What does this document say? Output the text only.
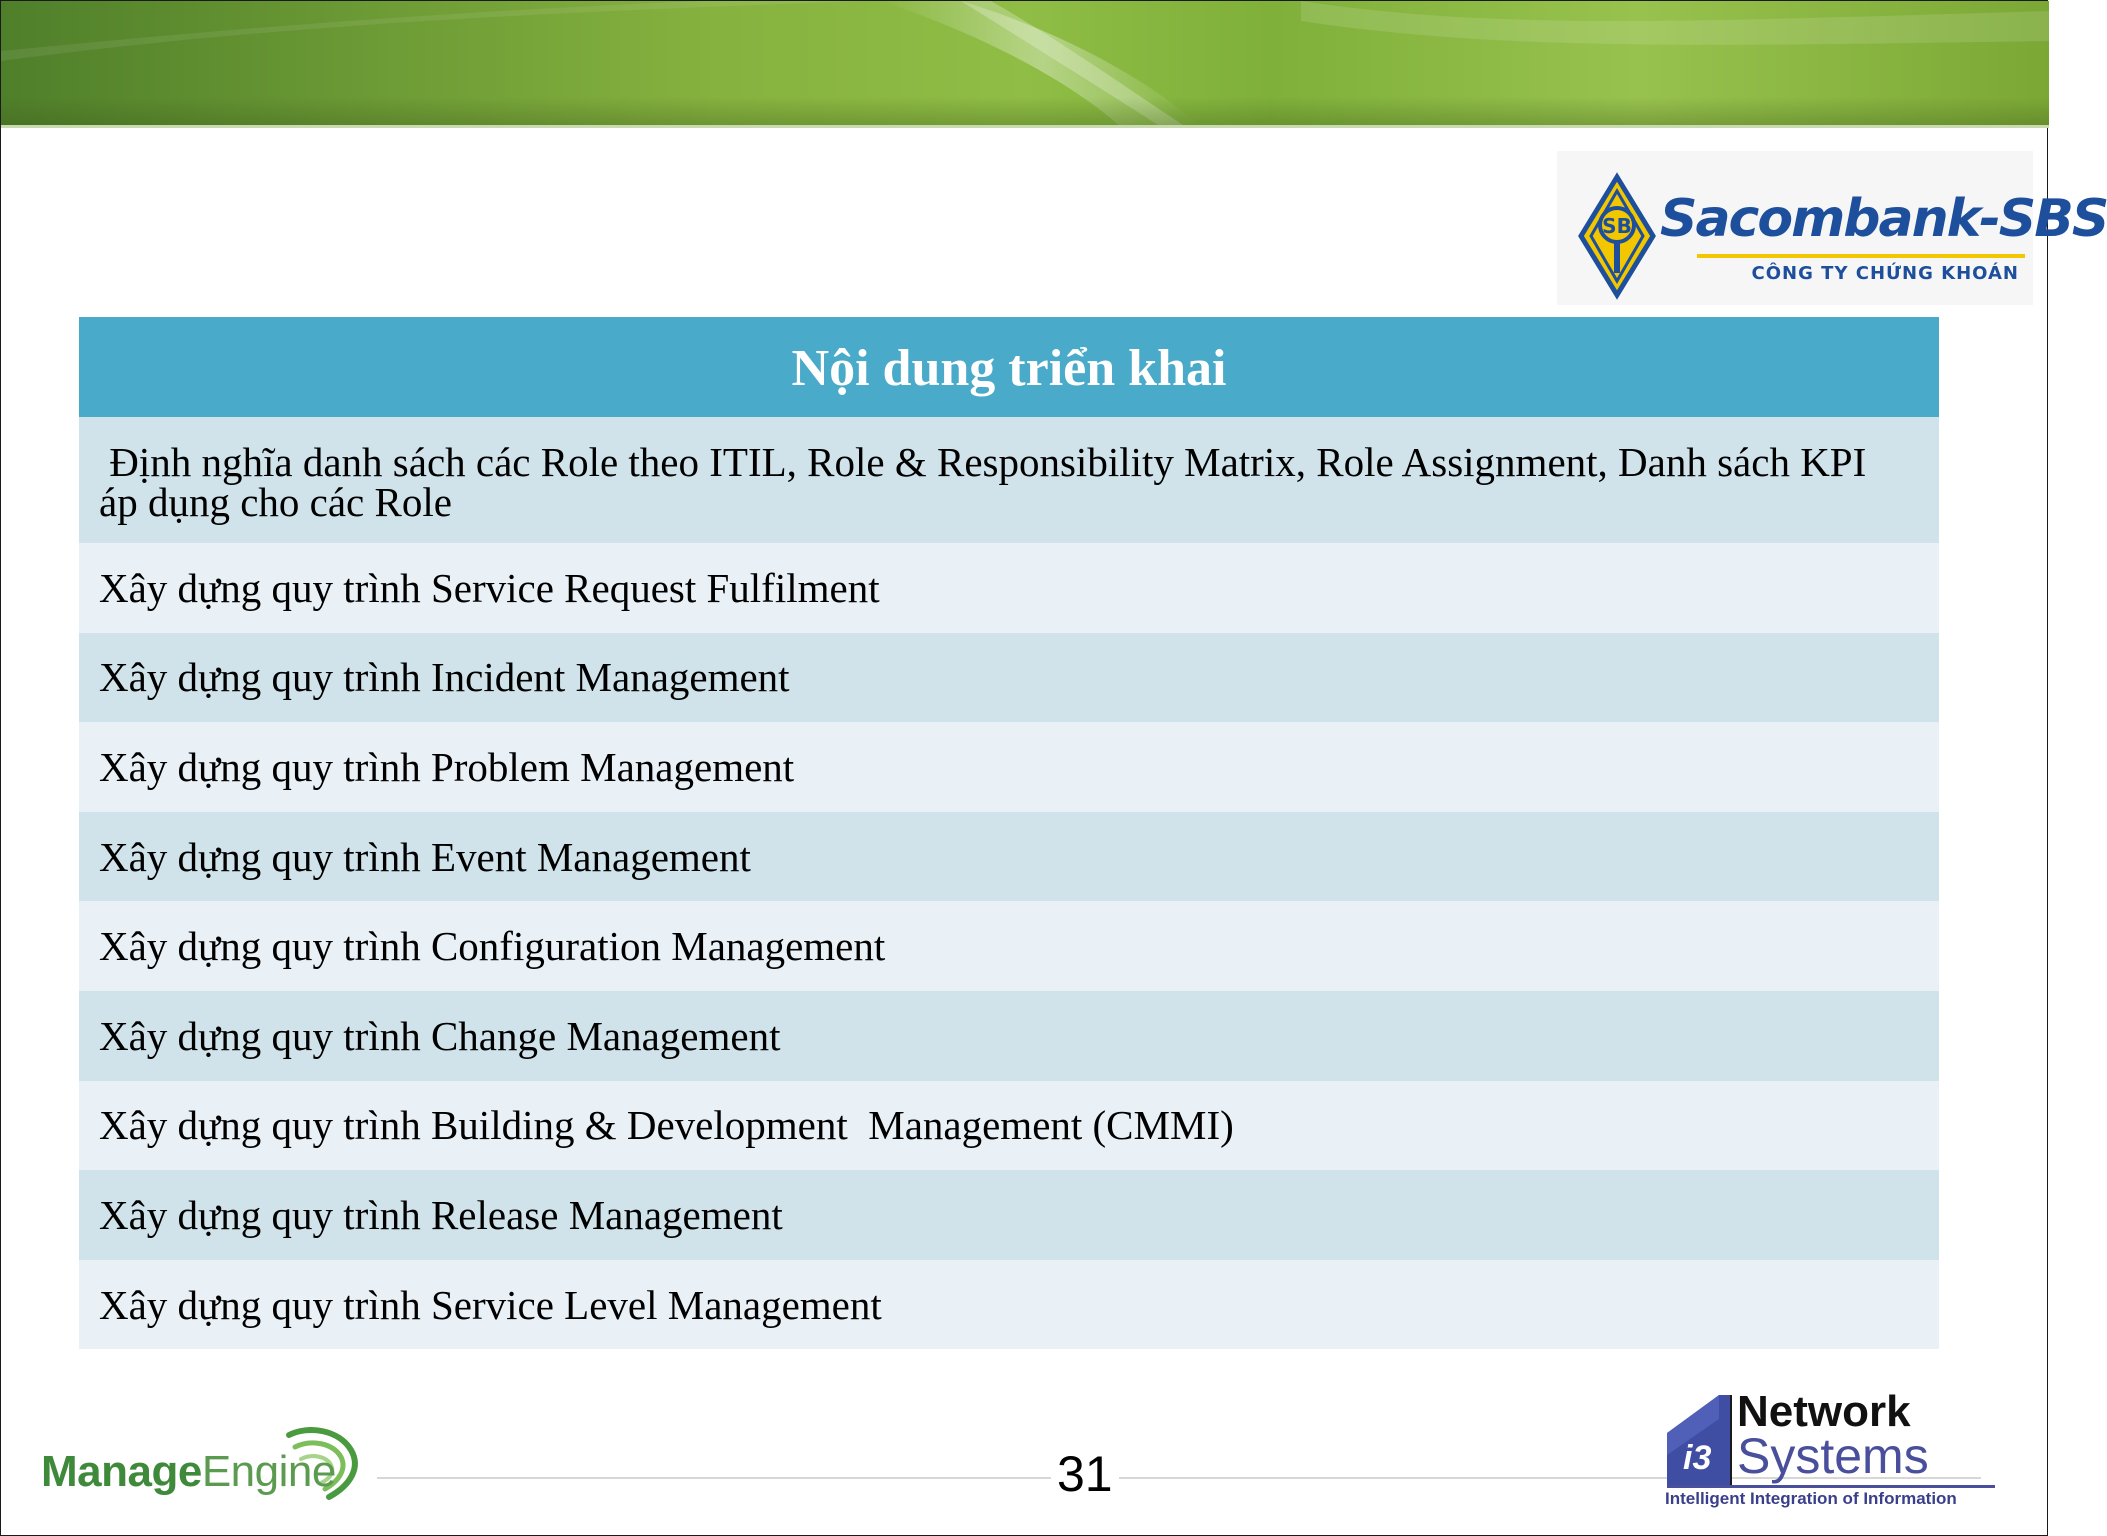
SB Sacombank-SBS
CÔNG TY CHỨNG KHOÁN
Nội dung triển khai
Định nghĩa danh sách các Role theo ITIL, Role & Responsibility Matrix, Role Assignment, Danh sách KPI áp dụng cho các Role
Xây dựng quy trình Service Request Fulfilment
Xây dựng quy trình Incident Management
Xây dựng quy trình Problem Management
Xây dựng quy trình Event Management
Xây dựng quy trình Configuration Management
Xây dựng quy trình Change Management
Xây dựng quy trình Building & Development  Management (CMMI)
Xây dựng quy trình Release Management
Xây dựng quy trình Service Level Management
ManageEngine	31	i3
Network
Systems
Intelligent Integration of Information
